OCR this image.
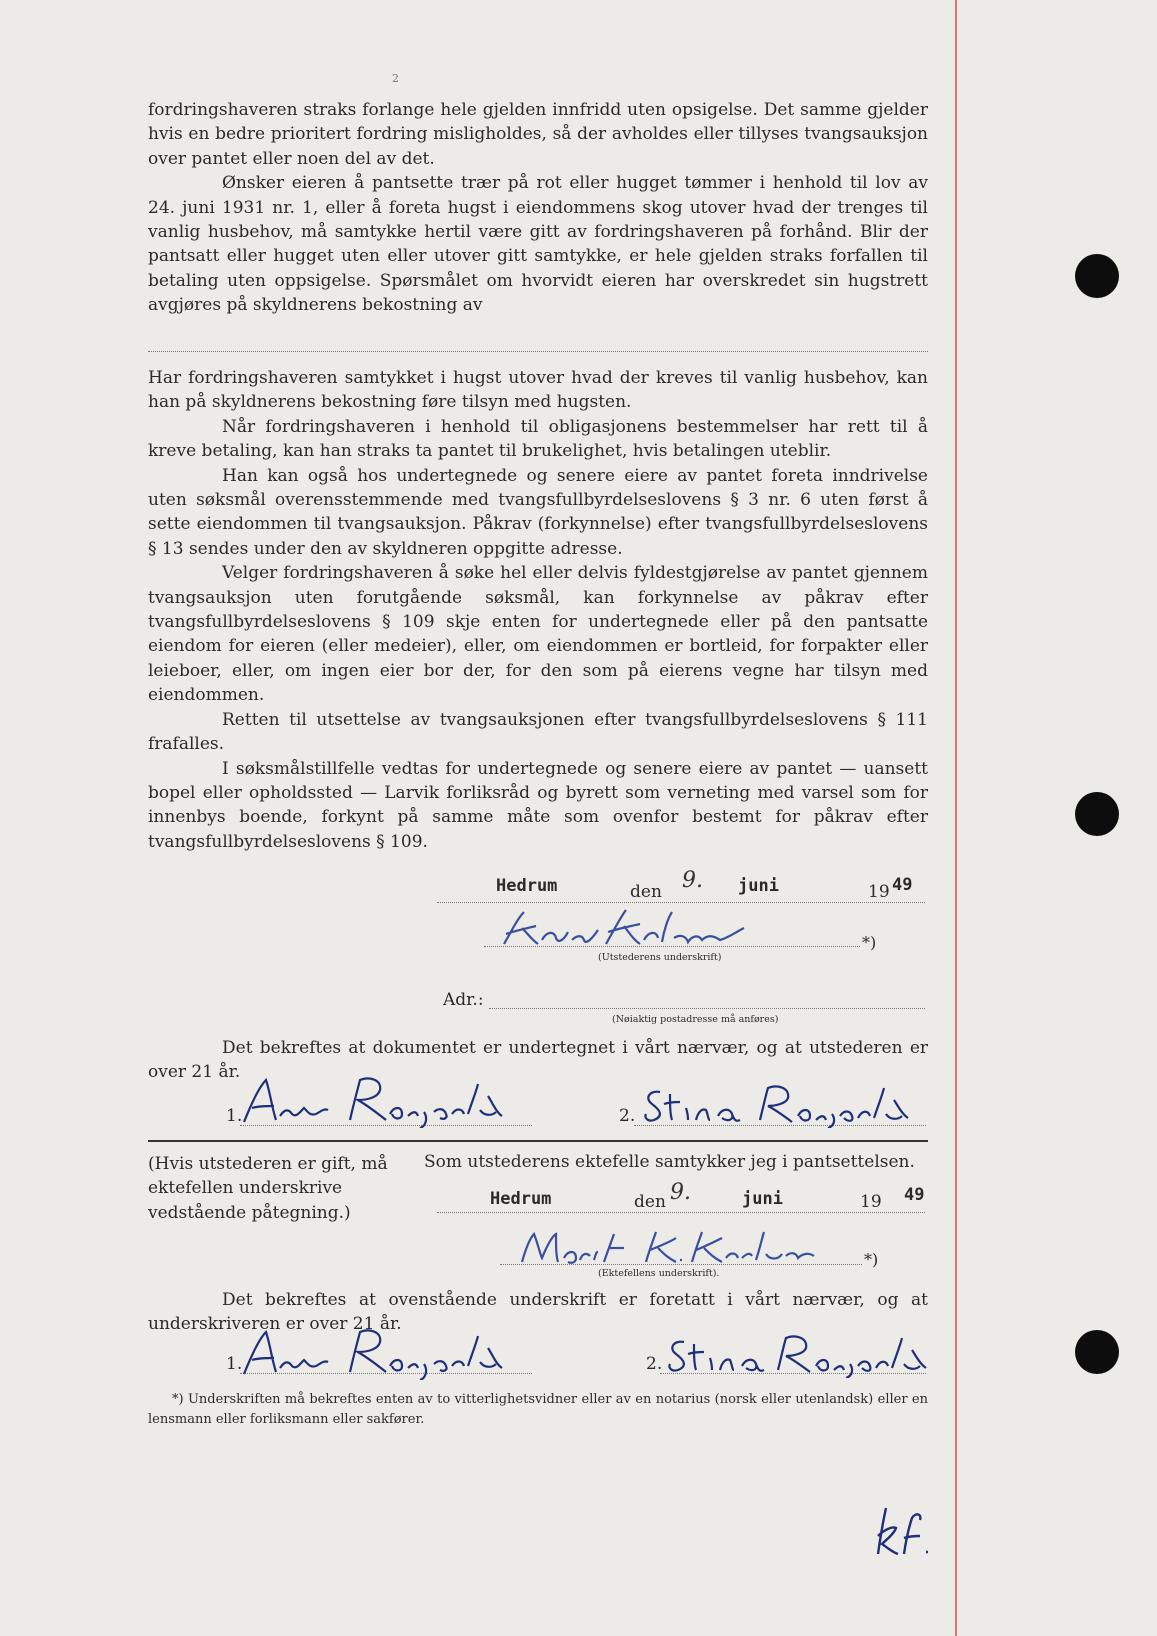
2

fordringshaveren straks forlange hele gjelden innfridd uten opsigelse. Det samme gjelder hvis en bedre prioritert fordring misligholdes, så der avholdes eller tillyses tvangsauksjon over pantet eller noen del av det.

Ønsker eieren å pantsette trær på rot eller hugget tømmer i henhold til lov av 24. juni 1931 nr. 1, eller å foreta hugst i eiendommens skog utover hvad der trenges til vanlig husbehov, må samtykke hertil være gitt av fordringshaveren på forhånd. Blir der pantsatt eller hugget uten eller utover gitt samtykke, er hele gjelden straks forfallen til betaling uten oppsigelse. Spørsmålet om hvorvidt eieren har overskredet sin hugstrett avgjøres på skyldnerens bekostning av

Har fordringshaveren samtykket i hugst utover hvad der kreves til vanlig husbehov, kan han på skyldnerens bekostning føre tilsyn med hugsten.

Når fordringshaveren i henhold til obligasjonens bestemmelser har rett til å kreve betaling, kan han straks ta pantet til brukelighet, hvis betalingen uteblir.

Han kan også hos undertegnede og senere eiere av pantet foreta inndrivelse uten søksmål overensstemmende med tvangsfullbyrdelseslovens § 3 nr. 6 uten først å sette eiendommen til tvangsauksjon. Påkrav (forkynnelse) efter tvangsfullbyrdelseslovens § 13 sendes under den av skyldneren oppgitte adresse.

Velger fordringshaveren å søke hel eller delvis fyldestgjørelse av pantet gjennem tvangsauksjon uten forutgående søksmål, kan forkynnelse av påkrav efter tvangsfullbyrdelseslovens § 109 skje enten for undertegnede eller på den pantsatte eiendom for eieren (eller medeier), eller, om eiendommen er bortleid, for forpakter eller leieboer, eller, om ingen eier bor der, for den som på eierens vegne har tilsyn med eiendommen.

Retten til utsettelse av tvangsauksjonen efter tvangsfullbyrdelseslovens § 111 frafalles.

I søksmålstillfelle vedtas for undertegnede og senere eiere av pantet — uansett bopel eller opholdssted — Larvik forliksråd og byrett som verneting med varsel som for innenbys boende, forkynt på samme måte som ovenfor bestemt for påkrav efter tvangsfullbyrdelseslovens § 109.

Hedrum	den 9. juni	19 49
*)
(Utstederens underskrift)
Adr.:
(Nøiaktig postadresse må anføres)

Det bekreftes at dokumentet er undertegnet i vårt nærvær, og at utstederen er over 21 år.

1.	2.
(Hvis utstederen er gift, må ektefellen underskrive vedstående påtegning.)
Som utstederens ektefelle samtykker jeg i pantsettelsen.
Hedrum	den 9.	juni	19 49
*)
(Ektefellens underskrift).

Det bekreftes at ovenstående underskrift er foretatt i vårt nærvær, og at underskriveren er over 21 år.

1.	2.

*) Underskriften må bekreftes enten av to vitterlighetsvidner eller av en notarius (norsk eller utenlandsk) eller en lensmann eller forliksmann eller sakfører.

kf.
